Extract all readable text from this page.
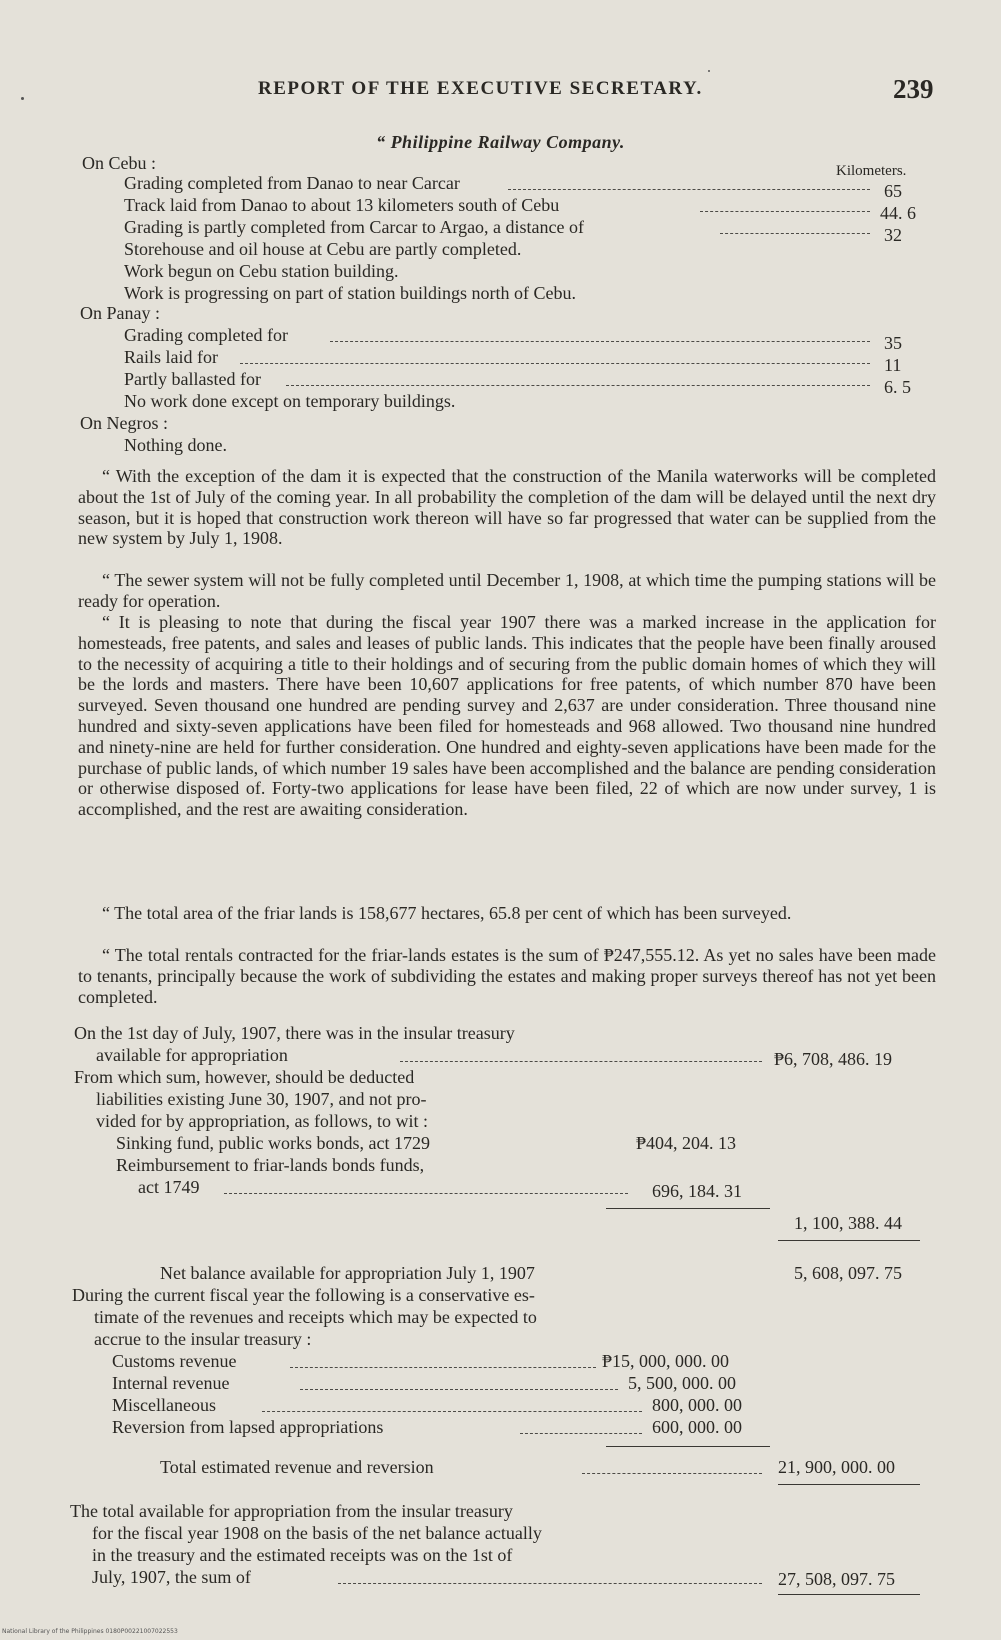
REPORT OF THE EXECUTIVE SECRETARY.	239
“ Philippine Railway Company.
On Cebu :	Kilometers.
Grading completed from Danao to near Carcar	65
Track laid from Danao to about 13 kilometers south of Cebu	44. 6
Grading is partly completed from Carcar to Argao, a distance of	32
Storehouse and oil house at Cebu are partly completed.
Work begun on Cebu station building.
Work is progressing on part of station buildings north of Cebu.
On Panay :
Grading completed for	35
Rails laid for	11
Partly ballasted for	6. 5
No work done except on temporary buildings.
On Negros :
Nothing done.

“ With the exception of the dam it is expected that the construction of the Manila waterworks will be completed about the 1st of July of the coming year. In all probability the completion of the dam will be delayed until the next dry season, but it is hoped that construction work thereon will have so far progressed that water can be supplied from the new system by July 1, 1908.

“ The sewer system will not be fully completed until December 1, 1908, at which time the pumping stations will be ready for operation.

“ It is pleasing to note that during the fiscal year 1907 there was a marked increase in the application for homesteads, free patents, and sales and leases of public lands. This indicates that the people have been finally aroused to the necessity of acquiring a title to their holdings and of securing from the public domain homes of which they will be the lords and masters. There have been 10,607 applications for free patents, of which number 870 have been surveyed. Seven thousand one hundred are pending survey and 2,637 are under consideration. Three thousand nine hundred and sixty-seven applications have been filed for homesteads and 968 allowed. Two thousand nine hundred and ninety-nine are held for further consideration. One hundred and eighty-seven applications have been made for the purchase of public lands, of which number 19 sales have been accomplished and the balance are pending consideration or otherwise disposed of. Forty-two applications for lease have been filed, 22 of which are now under survey, 1 is accomplished, and the rest are awaiting consideration.

“ The total area of the friar lands is 158,677 hectares, 65.8 per cent of which has been surveyed.

“ The total rentals contracted for the friar-lands estates is the sum of ₱247,555.12. As yet no sales have been made to tenants, principally because the work of subdividing the estates and making proper surveys thereof has not yet been completed.

On the 1st day of July, 1907, there was in the insular treasury
available for appropriation	₱6, 708, 486. 19
From which sum, however, should be deducted
liabilities existing June 30, 1907, and not pro-
vided for by appropriation, as follows, to wit :
Sinking fund, public works bonds, act 1729	₱404, 204. 13
Reimbursement to friar-lands bonds funds,
act 1749	696, 184. 31
1, 100, 388. 44
Net balance available for appropriation July 1, 1907	5, 608, 097. 75
During the current fiscal year the following is a conservative es-
timate of the revenues and receipts which may be expected to
accrue to the insular treasury :
Customs revenue	₱15, 000, 000. 00
Internal revenue	5, 500, 000. 00
Miscellaneous	800, 000. 00
Reversion from lapsed appropriations	600, 000. 00
Total estimated revenue and reversion	21, 900, 000. 00
The total available for appropriation from the insular treasury
for the fiscal year 1908 on the basis of the net balance actually
in the treasury and the estimated receipts was on the 1st of
July, 1907, the sum of	27, 508, 097. 75
National Library of the Philippines 0180P00221007022553
